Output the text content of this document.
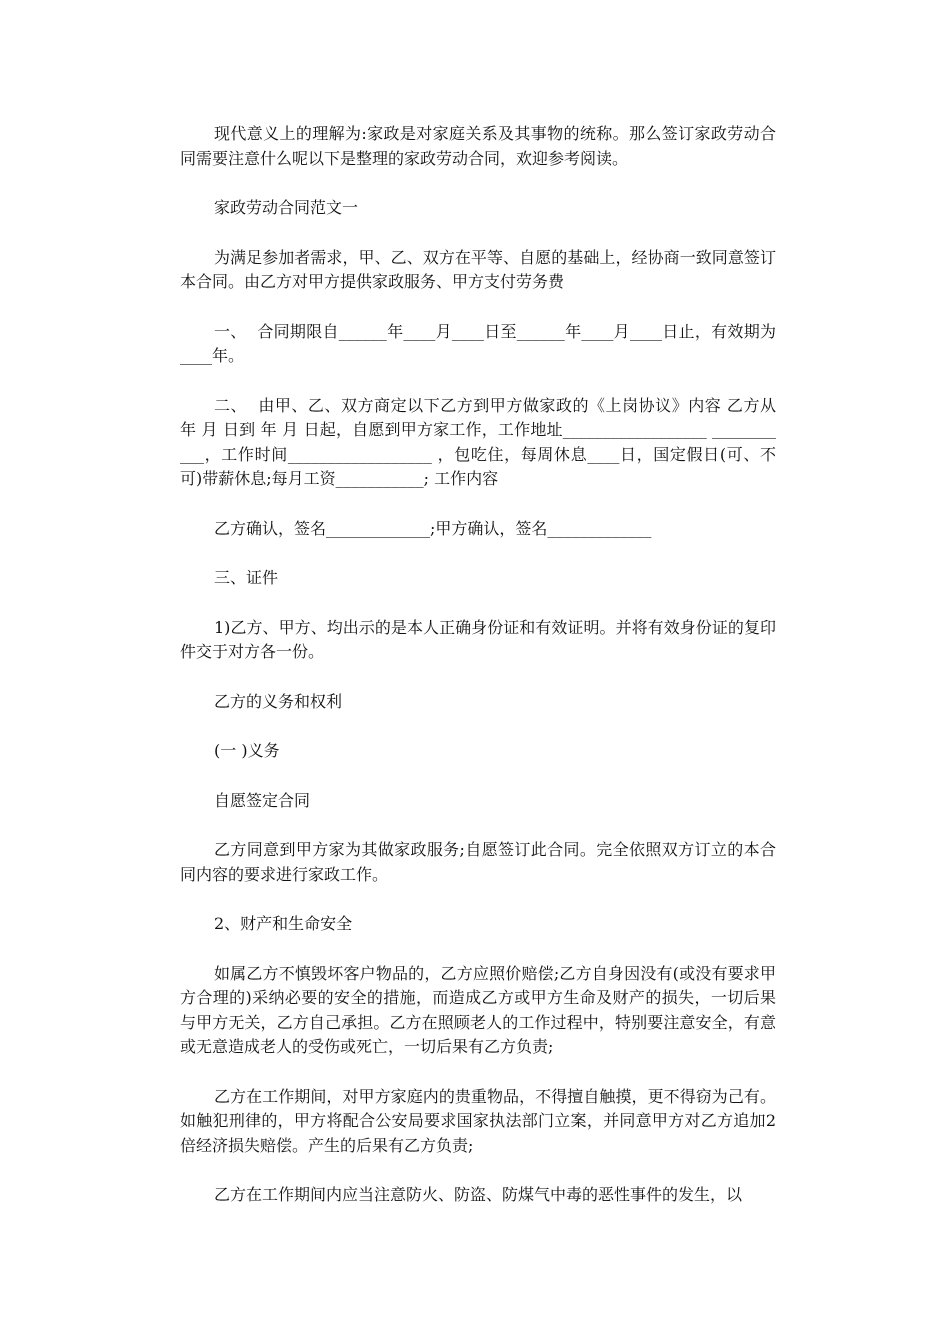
现代意义上的理解为:家政是对家庭关系及其事物的统称。那么签订家政劳动合同需要注意什么呢以下是整理的家政劳动合同，欢迎参考阅读。

家政劳动合同范文一

为满足参加者需求，甲、乙、双方在平等、自愿的基础上，经协商一致同意签订本合同。由乙方对甲方提供家政服务、甲方支付劳务费

一、  合同期限自______年____月____日至______年____月____日止，有效期为____年。

二、  由甲、乙、双方商定以下乙方到甲方做家政的《上岗协议》内容 乙方从 年 月 日到 年 月 日起，自愿到甲方家工作，工作地址__________________ ___________，工作时间__________________ ，包吃住，每周休息____日，国定假日(可、不可)带薪休息;每月工资___________; 工作内容

乙方确认，签名_____________;甲方确认，签名_____________

三、证件

1)乙方、甲方、均出示的是本人正确身份证和有效证明。并将有效身份证的复印件交于对方各一份。

乙方的义务和权利

(一 )义务

自愿签定合同

乙方同意到甲方家为其做家政服务;自愿签订此合同。完全依照双方订立的本合同内容的要求进行家政工作。

2、财产和生命安全

如属乙方不慎毁坏客户物品的，乙方应照价赔偿;乙方自身因没有(或没有要求甲方合理的)采纳必要的安全的措施，而造成乙方或甲方生命及财产的损失，一切后果与甲方无关，乙方自己承担。乙方在照顾老人的工作过程中，特别要注意安全，有意或无意造成老人的受伤或死亡，一切后果有乙方负责;

乙方在工作期间，对甲方家庭内的贵重物品，不得擅自触摸，更不得窃为己有。如触犯刑律的，甲方将配合公安局要求国家执法部门立案，并同意甲方对乙方追加2倍经济损失赔偿。产生的后果有乙方负责;

乙方在工作期间内应当注意防火、防盗、防煤气中毒的恶性事件的发生，以
